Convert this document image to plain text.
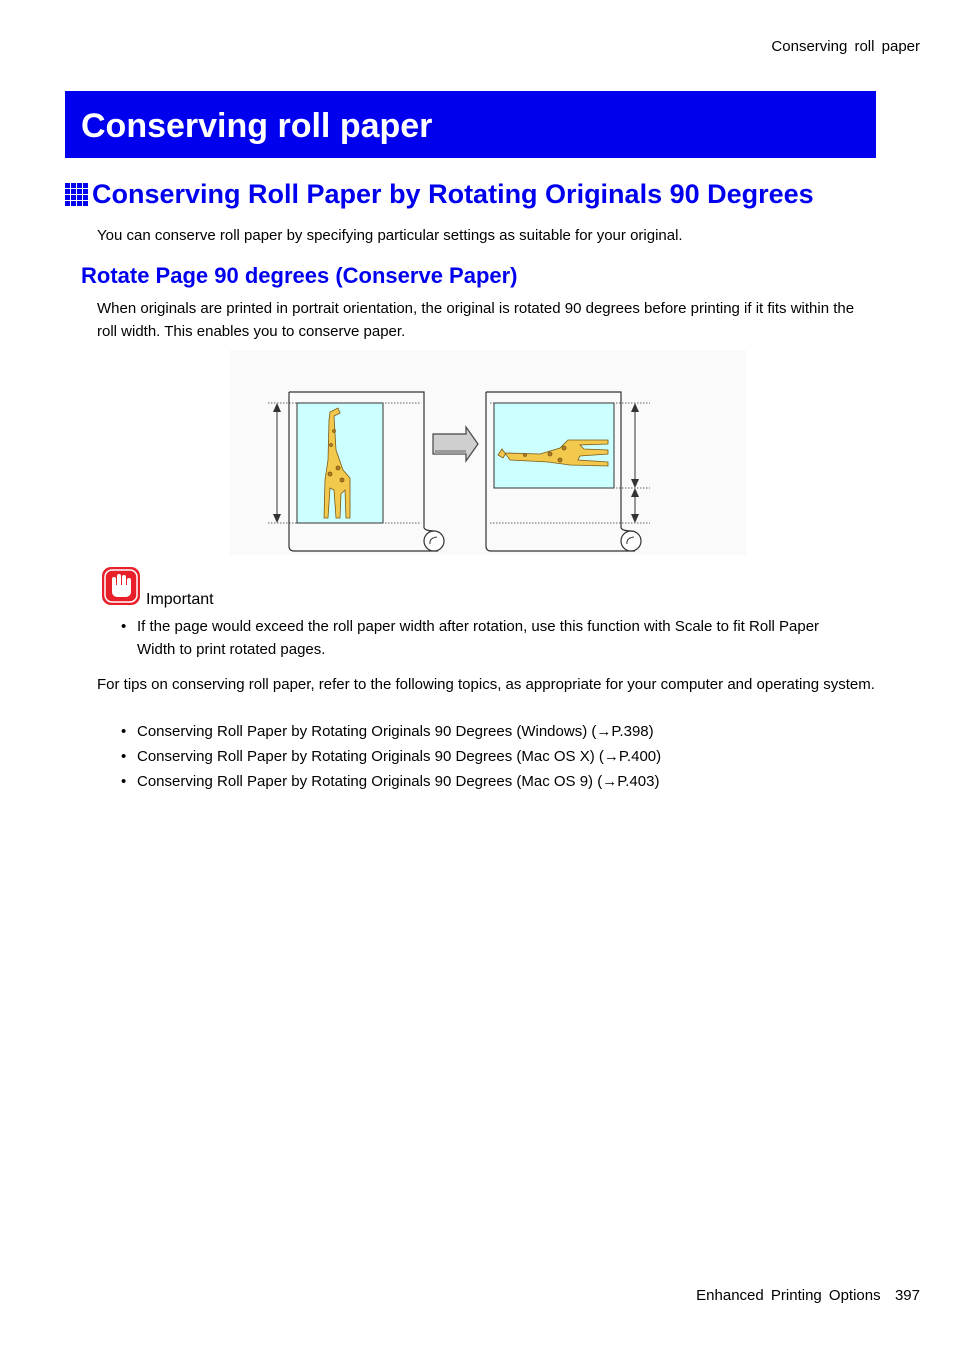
Conserving roll paper
Conserving roll paper
Conserving Roll Paper by Rotating Originals 90 Degrees
You can conserve roll paper by specifying particular settings as suitable for your original.
Rotate Page 90 degrees (Conserve Paper)
When originals are printed in portrait orientation, the original is rotated 90 degrees before printing if it fits within the roll width. This enables you to conserve paper.
Important
• If the page would exceed the roll paper width after rotation, use this function with Scale to fit Roll Paper Width to print rotated pages.
For tips on conserving roll paper, refer to the following topics, as appropriate for your computer and operating system.
• Conserving Roll Paper by Rotating Originals 90 Degrees (Windows) (→P.398)
• Conserving Roll Paper by Rotating Originals 90 Degrees (Mac OS X) (→P.400)
• Conserving Roll Paper by Rotating Originals 90 Degrees (Mac OS 9) (→P.403)
Enhanced Printing Options 397
